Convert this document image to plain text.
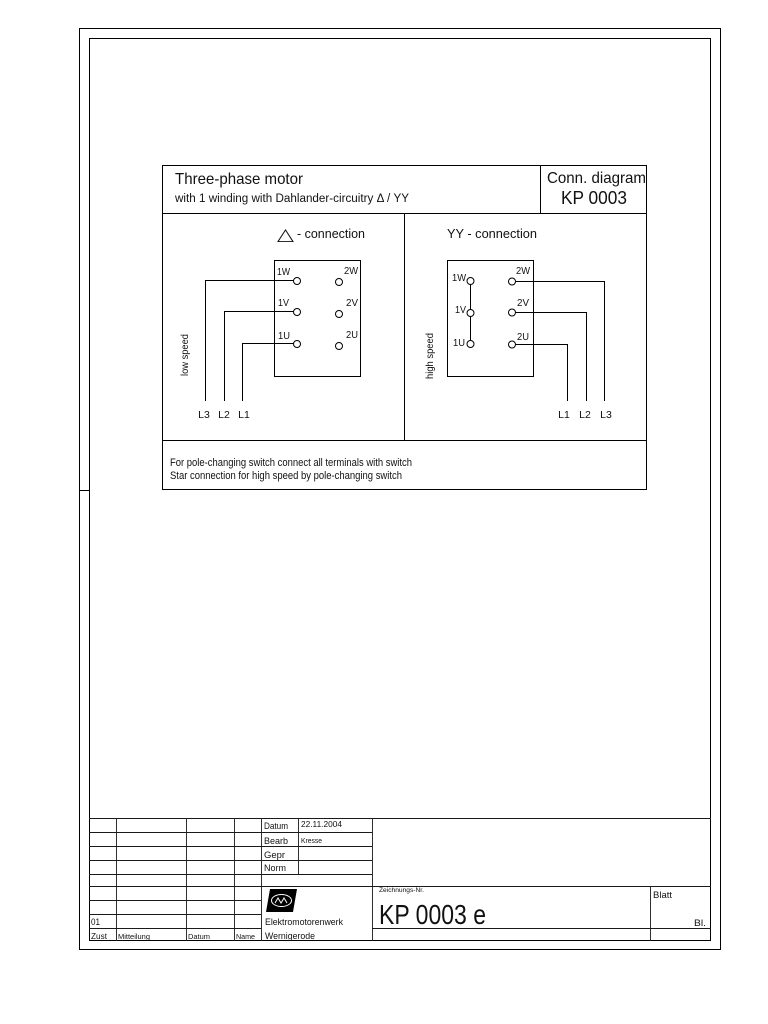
Three-phase motor
with 1 winding with Dahlander-circuitry Δ / YY
Conn. diagram
KP 0003
△ - connection
1W
1V
1U
2W
2V
2U
L3 L2 L1
low speed
YY - connection
1W
1V
1U
2W
2V
2U
L1 L2 L3
high speed
For pole-changing switch connect all terminals with switch
Star connection for high speed by pole-changing switch
Datum 22.11.2004
Bearb Kresse
Gepr
Norm
01
Zust Mitteilung	Datum	Name
Elektromotorenwerk
Wernigerode
Zeichnungs-Nr.
KP 0003 e
Blatt
Bl.
